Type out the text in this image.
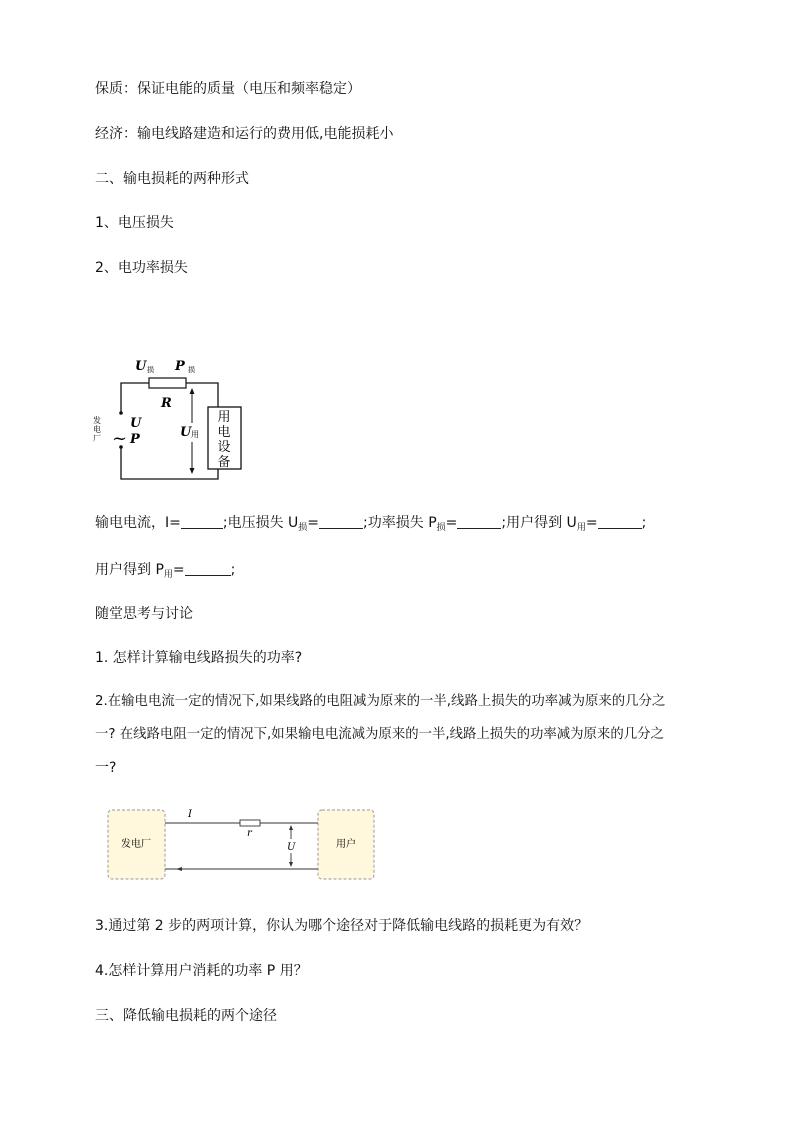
保质：保证电能的质量（电压和频率稳定）
经济：输电线路建造和运行的费用低,电能损耗小
二、输电损耗的两种形式
1、电压损失
2、电功率损失
用
电
设
备
U 损 P 损
R
发
电
厂
U
~ P	U 用
输电电流，I=	;电压损失 $U_损=$	;功率损失 $P_损=$	;用户得到 $U_用=$	;
用户得到 $P_用=$	;
随堂思考与讨论
1. 怎样计算输电线路损失的功率?
2.在输电电流一定的情况下,如果线路的电阻减为原来的一半,线路上损失的功率减为原来的几分之
一? 在线路电阻一定的情况下,如果输电电流减为原来的一半,线路上损失的功率减为原来的几分之
一?
发电厂	用户
I
r
U
3.通过第 2 步的两项计算，你认为哪个途径对于降低输电线路的损耗更为有效？
4.怎样计算用户消耗的功率 P 用？
三、降低输电损耗的两个途径
